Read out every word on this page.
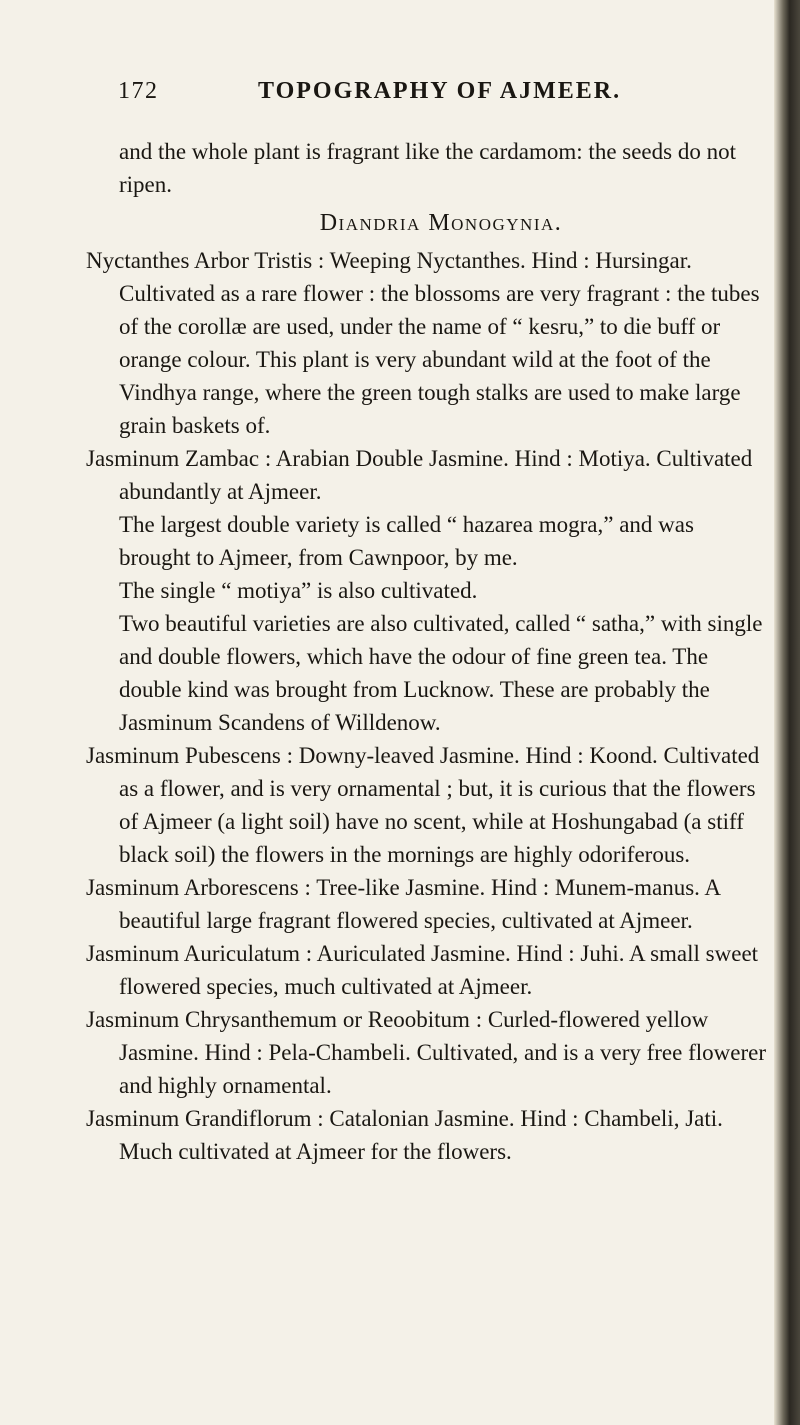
172	TOPOGRAPHY OF AJMEER.

and the whole plant is fragrant like the cardamom: the seeds do not ripen.

Diandria Monogynia.

Nyctanthes Arbor Tristis : Weeping Nyctanthes. Hind : Hursingar. Cultivated as a rare flower : the blossoms are very fragrant : the tubes of the corollæ are used, under the name of “ kesru,” to die buff or orange colour. This plant is very abundant wild at the foot of the Vindhya range, where the green tough stalks are used to make large grain baskets of.

Jasminum Zambac : Arabian Double Jasmine. Hind : Motiya. Cultivated abundantly at Ajmeer.

The largest double variety is called “ hazarea mogra,” and was brought to Ajmeer, from Cawnpoor, by me.

The single “ motiya” is also cultivated.

Two beautiful varieties are also cultivated, called “ satha,” with single and double flowers, which have the odour of fine green tea. The double kind was brought from Lucknow. These are probably the Jasminum Scandens of Willdenow.

Jasminum Pubescens : Downy-leaved Jasmine. Hind : Koond. Cultivated as a flower, and is very ornamental ; but, it is curious that the flowers of Ajmeer (a light soil) have no scent, while at Hoshungabad (a stiff black soil) the flowers in the mornings are highly odoriferous.

Jasminum Arborescens : Tree-like Jasmine. Hind : Munem-manus. A beautiful large fragrant flowered species, cultivated at Ajmeer.

Jasminum Auriculatum : Auriculated Jasmine. Hind : Juhi. A small sweet flowered species, much cultivated at Ajmeer.

Jasminum Chrysanthemum or Reoobitum : Curled-flowered yellow Jasmine. Hind : Pela-Chambeli. Cultivated, and is a very free flowerer and highly ornamental.

Jasminum Grandiflorum : Catalonian Jasmine. Hind : Chambeli, Jati. Much cultivated at Ajmeer for the flowers.
